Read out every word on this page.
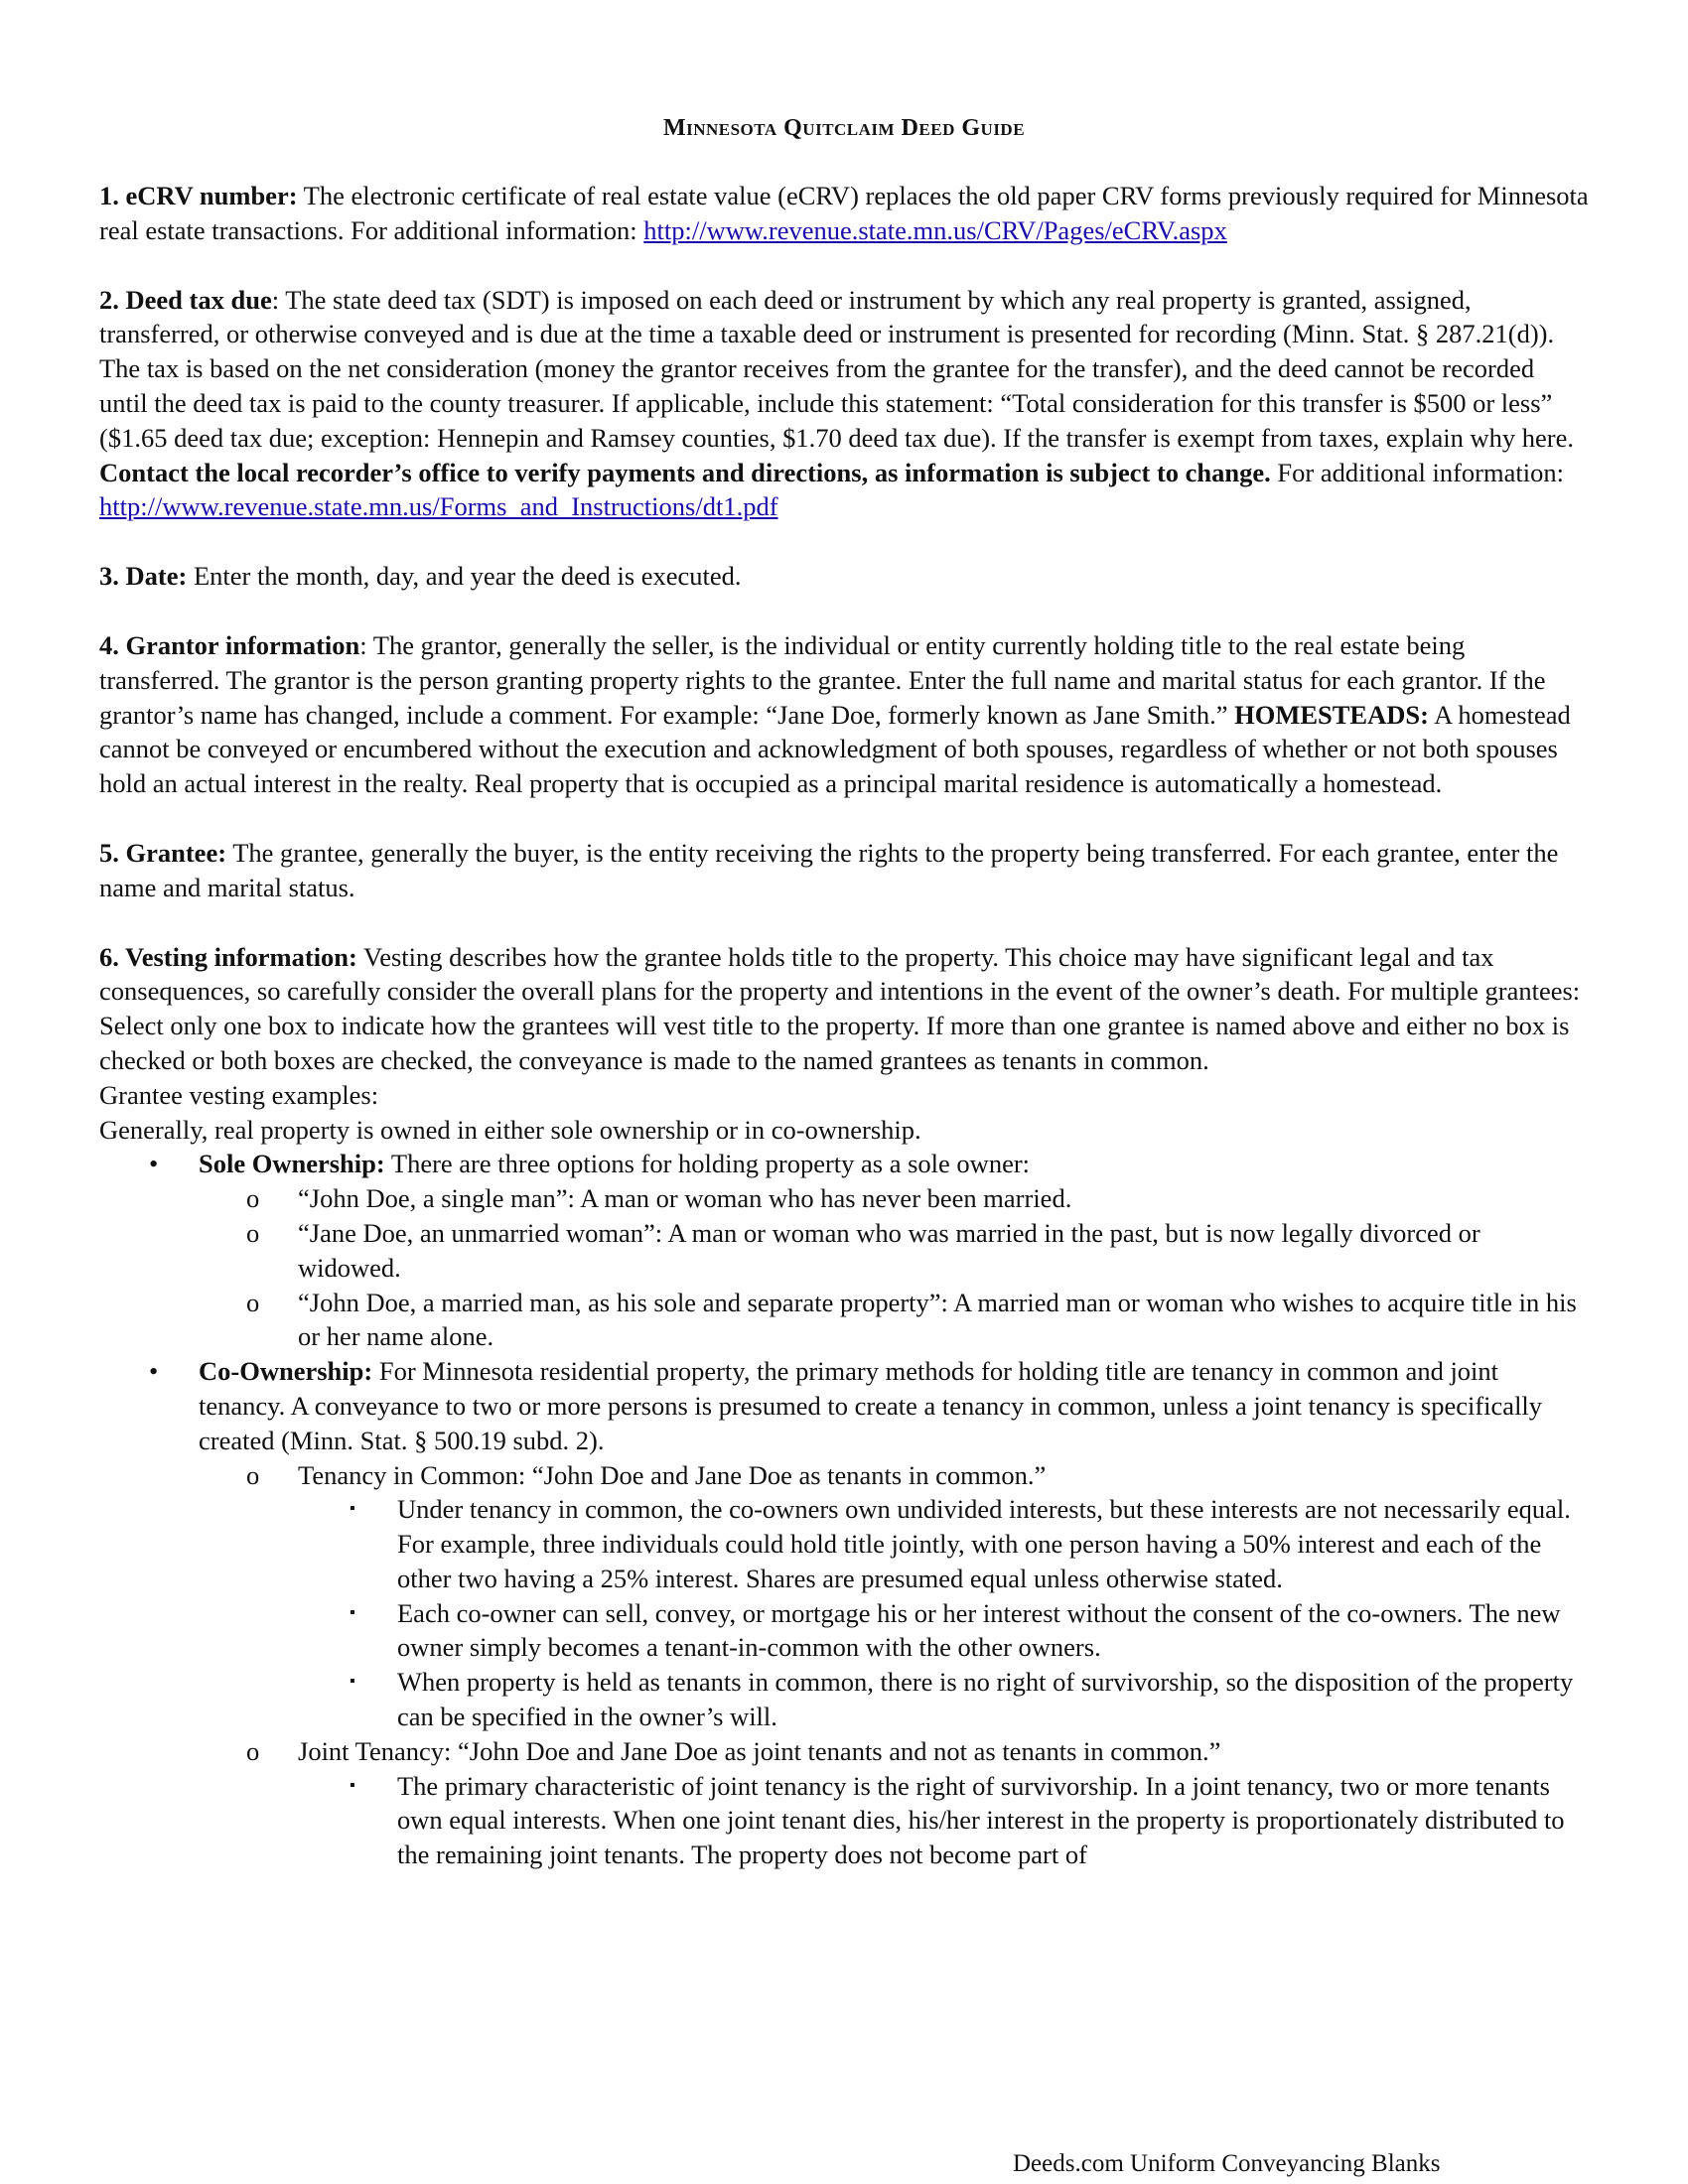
Minnesota Quitclaim Deed Guide

1. eCRV number: The electronic certificate of real estate value (eCRV) replaces the old paper CRV forms previously required for Minnesota real estate transactions. For additional information: http://www.revenue.state.mn.us/CRV/Pages/eCRV.aspx

2. Deed tax due: The state deed tax (SDT) is imposed on each deed or instrument by which any real property is granted, assigned, transferred, or otherwise conveyed and is due at the time a taxable deed or instrument is presented for recording (Minn. Stat. § 287.21(d)). The tax is based on the net consideration (money the grantor receives from the grantee for the transfer), and the deed cannot be recorded until the deed tax is paid to the county treasurer. If applicable, include this statement: “Total consideration for this transfer is $500 or less” ($1.65 deed tax due; exception: Hennepin and Ramsey counties, $1.70 deed tax due). If the transfer is exempt from taxes, explain why here. Contact the local recorder’s office to verify payments and directions, as information is subject to change. For additional information: http://www.revenue.state.mn.us/Forms_and_Instructions/dt1.pdf

3. Date: Enter the month, day, and year the deed is executed.

4. Grantor information: The grantor, generally the seller, is the individual or entity currently holding title to the real estate being transferred. The grantor is the person granting property rights to the grantee. Enter the full name and marital status for each grantor. If the grantor’s name has changed, include a comment. For example: “Jane Doe, formerly known as Jane Smith.” HOMESTEADS: A homestead cannot be conveyed or encumbered without the execution and acknowledgment of both spouses, regardless of whether or not both spouses hold an actual interest in the realty. Real property that is occupied as a principal marital residence is automatically a homestead.

5. Grantee: The grantee, generally the buyer, is the entity receiving the rights to the property being transferred. For each grantee, enter the name and marital status.

6. Vesting information: Vesting describes how the grantee holds title to the property. This choice may have significant legal and tax consequences, so carefully consider the overall plans for the property and intentions in the event of the owner’s death. For multiple grantees: Select only one box to indicate how the grantees will vest title to the property. If more than one grantee is named above and either no box is checked or both boxes are checked, the conveyance is made to the named grantees as tenants in common.

Grantee vesting examples:

Generally, real property is owned in either sole ownership or in co-ownership.

• Sole Ownership: There are three options for holding property as a sole owner:
o “John Doe, a single man”: A man or woman who has never been married.
o “Jane Doe, an unmarried woman”: A man or woman who was married in the past, but is now legally divorced or widowed.
o “John Doe, a married man, as his sole and separate property”: A married man or woman who wishes to acquire title in his or her name alone.
• Co-Ownership: For Minnesota residential property, the primary methods for holding title are tenancy in common and joint tenancy. A conveyance to two or more persons is presumed to create a tenancy in common, unless a joint tenancy is specifically created (Minn. Stat. § 500.19 subd. 2).
o Tenancy in Common: “John Doe and Jane Doe as tenants in common.”
▪ Under tenancy in common, the co-owners own undivided interests, but these interests are not necessarily equal. For example, three individuals could hold title jointly, with one person having a 50% interest and each of the other two having a 25% interest. Shares are presumed equal unless otherwise stated.
▪ Each co-owner can sell, convey, or mortgage his or her interest without the consent of the co-owners. The new owner simply becomes a tenant-in-common with the other owners.
▪ When property is held as tenants in common, there is no right of survivorship, so the disposition of the property can be specified in the owner’s will.
o Joint Tenancy: “John Doe and Jane Doe as joint tenants and not as tenants in common.”
▪ The primary characteristic of joint tenancy is the right of survivorship. In a joint tenancy, two or more tenants own equal interests. When one joint tenant dies, his/her interest in the property is proportionately distributed to the remaining joint tenants. The property does not become part of
Deeds.com Uniform Conveyancing Blanks
